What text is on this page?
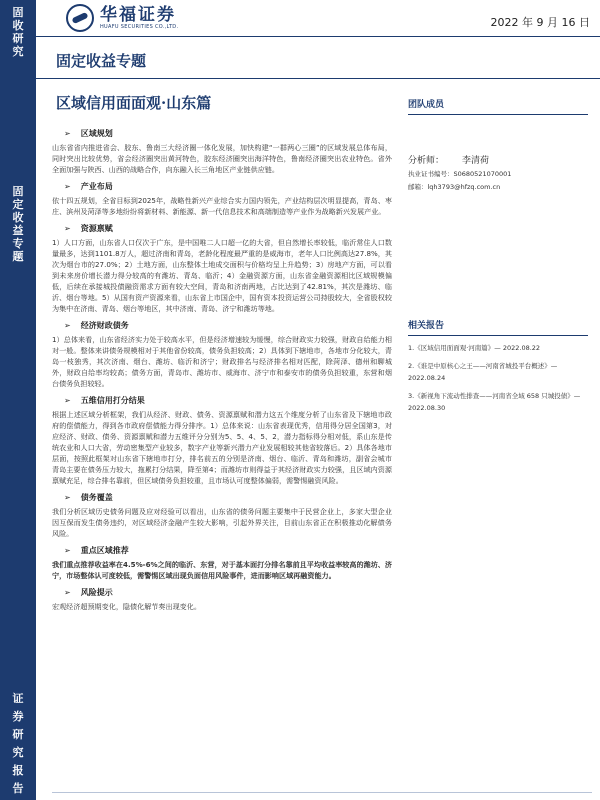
固
收
研
究
固
定
收
益
专
题
证
券
研
究
报
告
华福证券
HUAFU SECURITIES CO.,LTD.	2022 年 9 月 16 日
固定收益专题
区域信用面面观·山东篇
➢ 区域规划

山东省省内推进省会、胶东、鲁南三大经济圈一体化发展，加快构建“一群两心三圈”的区域发展总体布局，同时突出比较优势，省会经济圈突出黄河特色，胶东经济圈突出海洋特色，鲁南经济圈突出农业特色。省外全面加强与陕西、山西的战略合作，向东融入长三角地区产业链供应链。

➢ 产业布局

依十四五规划，全省目标到2025年，战略性新兴产业综合实力国内领先，产业结构层次明显提高，青岛、枣庄、滨州及菏泽等多地纷纷将新材料、新能源、新一代信息技术和高端制造等产业作为战略新兴发展产业。

➢ 资源禀赋

1）人口方面，山东省人口仅次于广东，是中国唯二人口超一亿的大省，但自然增长率较低，临沂常住人口数量最多，达到1101.8万人，超过济南和青岛，老龄化程度最严重的是威海市，老年人口比例高达27.8%，其次为烟台市的27.0%；2）土地方面，山东整体土地成交面积与价格均呈上升趋势；3）房地产方面，可以看到未来房价增长潜力得分较高的有潍坊、青岛、临沂；4）金融资源方面，山东省金融资源相比区域规模偏低，后续在承接城投债融资需求方面有较大空间，青岛和济南两地，占比达到了42.81%，其次是潍坊、临沂、烟台等地。5）从国有资产资源来看，山东省上市国企中，国有资本投资运营公司持股较大，全省股权较为集中在济南、青岛、烟台等地区，其中济南、青岛、济宁和潍坊等地。

➢ 经济财政债务

1）总体来看，山东省经济实力处于较高水平，但是经济增速较为缓慢，综合财政实力较强，财政自给能力相对一般。整体来讲债务规模相对于其他省份较高，债务负担较高；2）具体到下辖地市，各地市分化较大，青岛一枝独秀，其次济南、烟台、潍坊、临沂和济宁；财政排名与经济排名相对匹配，除菏泽、德州和聊城外，财政自给率均较高；债务方面，青岛市、潍坊市、威海市、济宁市和泰安市的债务负担较重，东营和烟台债务负担较轻。

➢ 五维信用打分结果

根据上述区域分析框架，我们从经济、财政、债务、资源禀赋和潜力这五个维度分析了山东省及下辖地市政府的偿债能力，得到各市政府偿债能力得分排序。1）总体来说：山东省表现优秀，信用得分居全国第3，对应经济、财政、债务、资源禀赋和潜力五维评分分别为5、5、4、5、2，潜力指标得分相对低，系山东是传统农业和人口大省，劳动密集型产业较多，数字产业等新兴潜力产业发展相较其他省较落后。2）具体各地市层面，按照此框架对山东省下辖地市打分，排名前五的分别是济南、烟台、临沂、青岛和潍坊，副省会城市青岛主要在债务压力较大，拖累打分结果，降至第4；而潍坊市则得益于其经济财政实力较强，且区域内资源禀赋充足，综合排名靠前，但区域债务负担较重，且市场认可度整体偏弱，需警惕融资风险。

➢ 债务覆盖

我们分析区域历史债务问题及应对经验可以看出，山东省的债务问题主要集中于民营企业上，多家大型企业因互保而发生债务违约，对区域经济金融产生较大影响，引起外界关注，目前山东省正在积极推动化解债务风险。

➢ 重点区域推荐

我们重点推荐收益率在4.5%-6%之间的临沂、东营，对于基本面打分排名靠前且平均收益率较高的潍坊、济宁，市场整体认可度较低，需警惕区域出现负面信用风险事件，进而影响区域再融资能力。

➢ 风险提示

宏观经济超预期变化，隐债化解节奏出现变化。

团队成员
分析师： 李清荷
执业证书编号：S0680521070001
邮箱：lqh3793@hfzq.com.cn
相关报告
1.《区域信用面面观·河南篇》— 2022.08.22
2.《谁是中原核心之王——河南省城投平台概述》— 2022.08.24
3.《新视角下流动性排查——河南省全域 658 只城投债》— 2022.08.30
